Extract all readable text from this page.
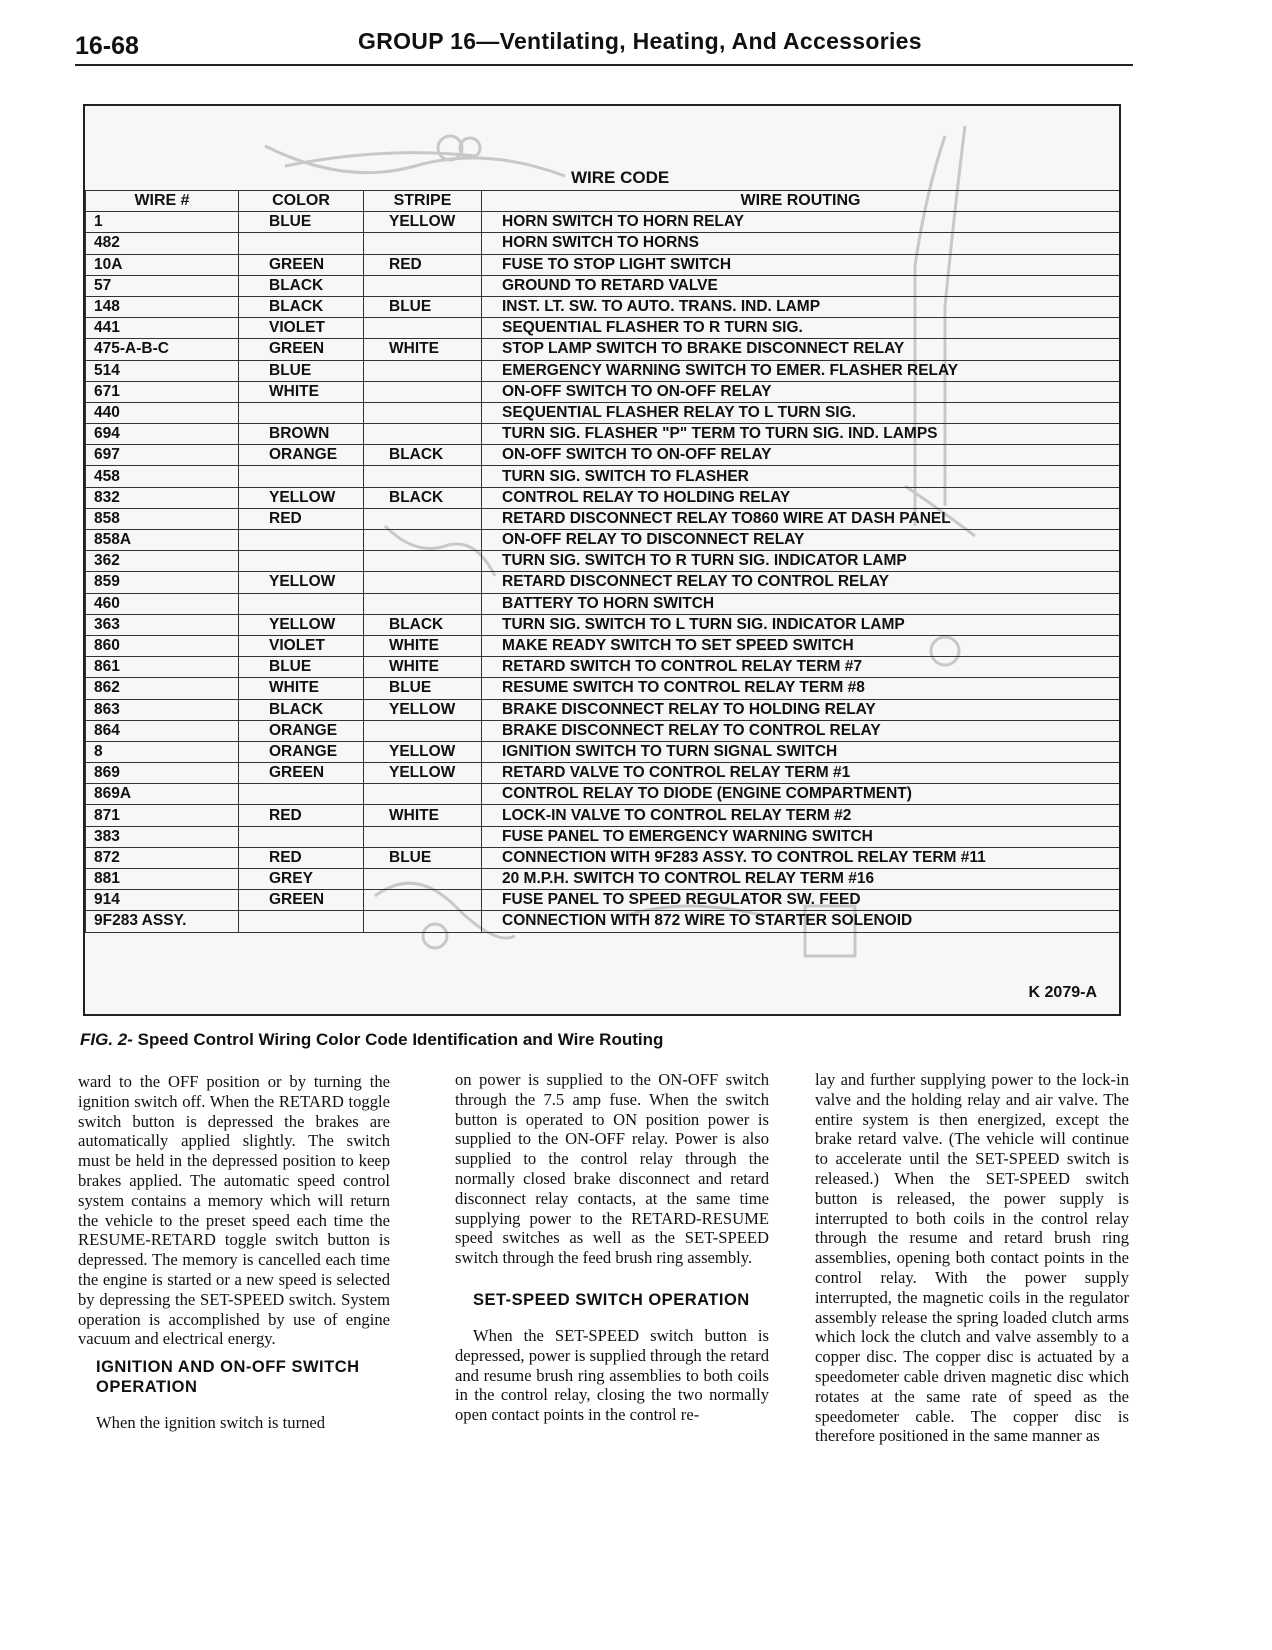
16-68	GROUP 16—Ventilating, Heating, And Accessories
WIRE CODE
WIRE #	COLOR	STRIPE	WIRE ROUTING
1	BLUE	YELLOW	HORN SWITCH TO HORN RELAY
482			HORN SWITCH TO HORNS
10A	GREEN	RED	FUSE TO STOP LIGHT SWITCH
57	BLACK		GROUND TO RETARD VALVE
148	BLACK	BLUE	INST. LT. SW. TO AUTO. TRANS. IND. LAMP
441	VIOLET		SEQUENTIAL FLASHER TO R TURN SIG.
475-A-B-C	GREEN	WHITE	STOP LAMP SWITCH TO BRAKE DISCONNECT RELAY
514	BLUE		EMERGENCY WARNING SWITCH TO EMER. FLASHER RELAY
671	WHITE		ON-OFF SWITCH TO ON-OFF RELAY
440			SEQUENTIAL FLASHER RELAY TO L TURN SIG.
694	BROWN		TURN SIG. FLASHER "P" TERM TO TURN SIG. IND. LAMPS
697	ORANGE	BLACK	ON-OFF SWITCH TO ON-OFF RELAY
458			TURN SIG. SWITCH TO FLASHER
832	YELLOW	BLACK	CONTROL RELAY TO HOLDING RELAY
858	RED		RETARD DISCONNECT RELAY TO860 WIRE AT DASH PANEL
858A			ON-OFF RELAY TO DISCONNECT RELAY
362			TURN SIG. SWITCH TO R TURN SIG. INDICATOR LAMP
859	YELLOW		RETARD DISCONNECT RELAY TO CONTROL RELAY
460			BATTERY TO HORN SWITCH
363	YELLOW	BLACK	TURN SIG. SWITCH TO L TURN SIG. INDICATOR LAMP
860	VIOLET	WHITE	MAKE READY SWITCH TO SET SPEED SWITCH
861	BLUE	WHITE	RETARD SWITCH TO CONTROL RELAY TERM #7
862	WHITE	BLUE	RESUME SWITCH TO CONTROL RELAY TERM #8
863	BLACK	YELLOW	BRAKE DISCONNECT RELAY TO HOLDING RELAY
864	ORANGE		BRAKE DISCONNECT RELAY TO CONTROL RELAY
8	ORANGE	YELLOW	IGNITION SWITCH TO TURN SIGNAL SWITCH
869	GREEN	YELLOW	RETARD VALVE TO CONTROL RELAY TERM #1
869A			CONTROL RELAY TO DIODE (ENGINE COMPARTMENT)
871	RED	WHITE	LOCK-IN VALVE TO CONTROL RELAY TERM #2
383			FUSE PANEL TO EMERGENCY WARNING SWITCH
872	RED	BLUE	CONNECTION WITH 9F283 ASSY. TO CONTROL RELAY TERM #11
881	GREY		20 M.P.H. SWITCH TO CONTROL RELAY TERM #16
914	GREEN		FUSE PANEL TO SPEED REGULATOR SW. FEED
9F283 ASSY.			CONNECTION WITH 872 WIRE TO STARTER SOLENOID
K 2079-A
FIG. 2- Speed Control Wiring Color Code Identification and Wire Routing

ward to the OFF position or by turning the ignition switch off. When the RETARD toggle switch button is depressed the brakes are automatically applied slightly. The switch must be held in the depressed position to keep brakes applied. The automatic speed control system contains a memory which will return the vehicle to the preset speed each time the RESUME-RETARD toggle switch button is depressed. The memory is cancelled each time the engine is started or a new speed is selected by depressing the SET-SPEED switch. System operation is accomplished by use of engine vacuum and electrical energy.

IGNITION AND ON-OFF SWITCH OPERATION

When the ignition switch is turned

on power is supplied to the ON-OFF switch through the 7.5 amp fuse. When the switch button is operated to ON position power is supplied to the ON-OFF relay. Power is also supplied to the control relay through the normally closed brake disconnect and retard disconnect relay contacts, at the same time supplying power to the RETARD-RESUME speed switches as well as the SET-SPEED switch through the feed brush ring assembly.

SET-SPEED SWITCH OPERATION

When the SET-SPEED switch button is depressed, power is supplied through the retard and resume brush ring assemblies to both coils in the control relay, closing the two normally open contact points in the control re-

lay and further supplying power to the lock-in valve and the holding relay and air valve. The entire system is then energized, except the brake retard valve. (The vehicle will continue to accelerate until the SET-SPEED switch is released.) When the SET-SPEED switch button is released, the power supply is interrupted to both coils in the control relay through the resume and retard brush ring assemblies, opening both contact points in the control relay. With the power supply interrupted, the magnetic coils in the regulator assembly release the spring loaded clutch arms which lock the clutch and valve assembly to a copper disc. The copper disc is actuated by a speedometer cable driven magnetic disc which rotates at the same rate of speed as the speedometer cable. The copper disc is therefore positioned in the same manner as
